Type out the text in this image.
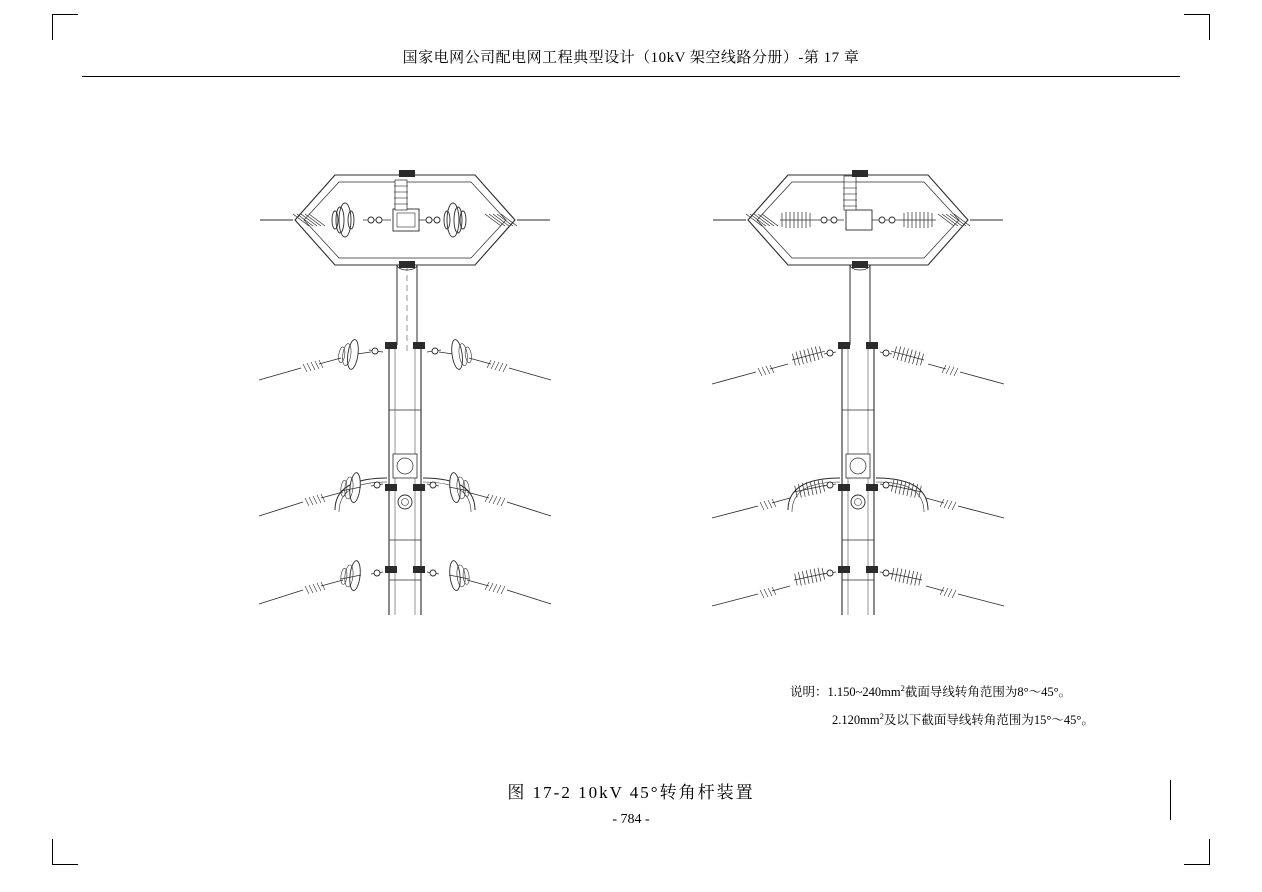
国家电网公司配电网工程典型设计（10kV 架空线路分册）-第 17 章
说明：$1.150\sim 240mm^2$截面导线转角范围为8°～45°。
$2.120mm^2$及以下截面导线转角范围为15°～45°。
图 17-2 10kV 45°转角杆装置
- 784 -
